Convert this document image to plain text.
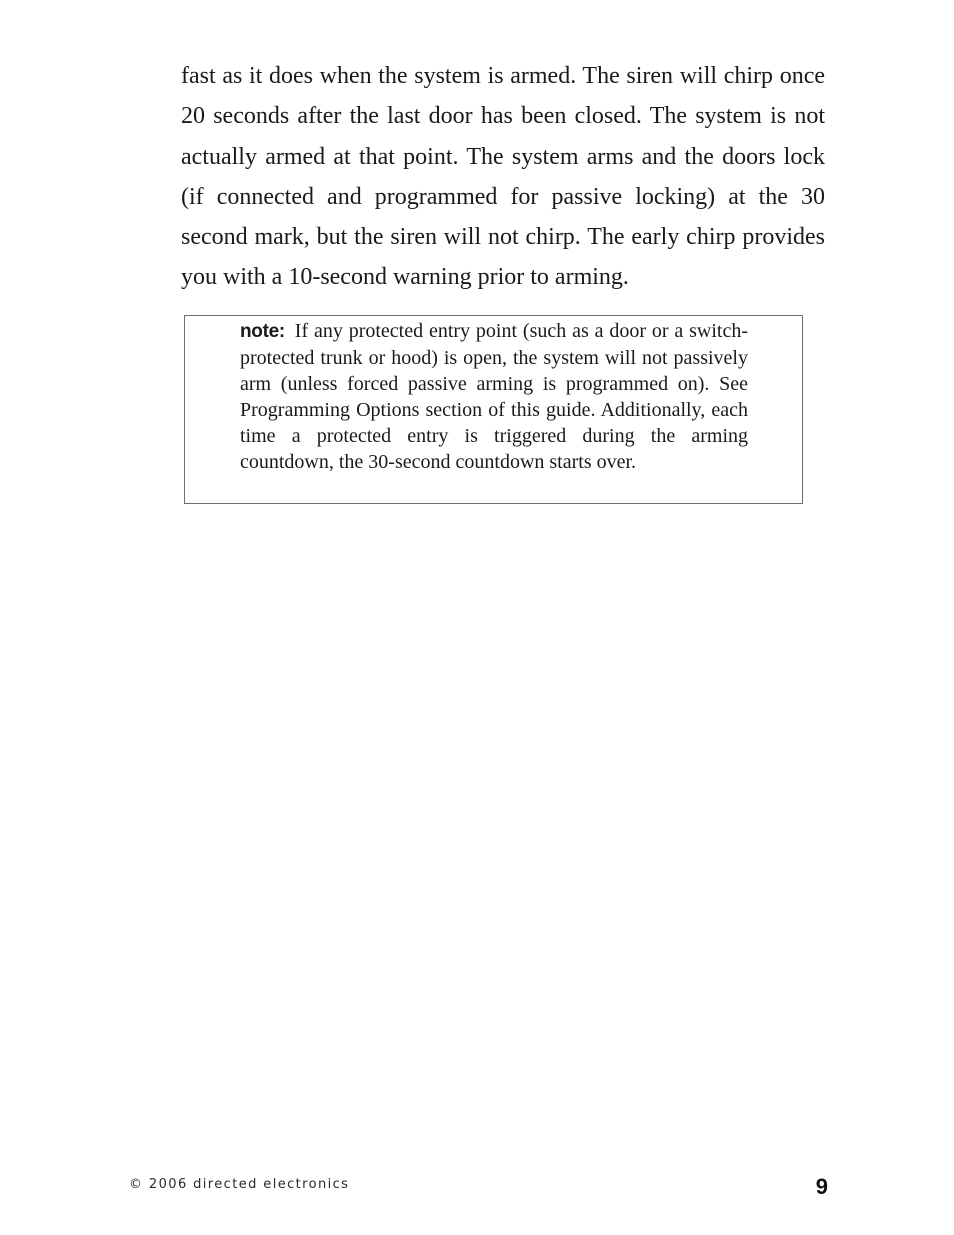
fast as it does when the system is armed. The siren will chirp once 20 seconds after the last door has been closed. The system is not actually armed at that point. The system arms and the doors lock (if connected and programmed for passive locking) at the 30 second mark, but the siren will not chirp. The early chirp provides you with a 10-second warning prior to arming.

note: If any protected entry point (such as a door or a switch-protected trunk or hood) is open, the system will not passively arm (unless forced passive arming is programmed on). See Programming Options section of this guide. Additionally, each time a protected entry is triggered during the arming countdown, the 30-second countdown starts over.

© 2006 directed electronics	9
